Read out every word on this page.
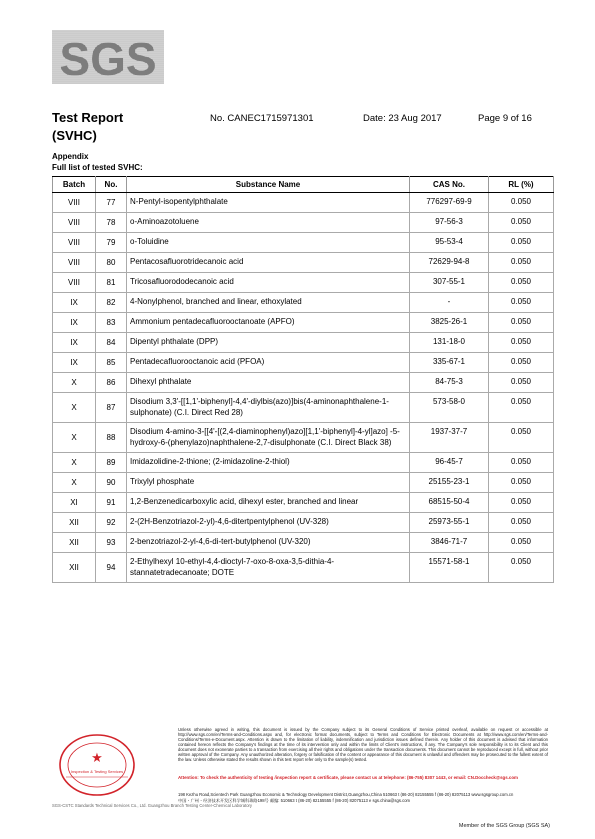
SGS
Test Report
(SVHC)
No. CANEC1715971301	Date: 23 Aug 2017	Page 9 of 16
Appendix
Full list of tested SVHC:
Batch	No.	Substance Name	CAS No.	RL (%)
VIII	77	N-Pentyl-isopentylphthalate	776297-69-9	0.050
VIII	78	o-Aminoazotoluene	97-56-3	0.050
VIII	79	o-Toluidine	95-53-4	0.050
VIII	80	Pentacosafluorotridecanoic acid	72629-94-8	0.050
VIII	81	Tricosafluorododecanoic acid	307-55-1	0.050
IX	82	4-Nonylphenol, branched and linear, ethoxylated	-	0.050
IX	83	Ammonium pentadecafluorooctanoate (APFO)	3825-26-1	0.050
IX	84	Dipentyl phthalate (DPP)	131-18-0	0.050
IX	85	Pentadecafluorooctanoic acid (PFOA)	335-67-1	0.050
X	86	Dihexyl phthalate	84-75-3	0.050
X	87	Disodium 3,3'-[[1,1'-biphenyl]-4,4'-diylbis(azo)]bis(4-aminonaphthalene-1-sulphonate) (C.I. Direct Red 28)	573-58-0	0.050
X	88	Disodium 4-amino-3-[[4'-[(2,4-diaminophenyl)azo][1,1'-biphenyl]-4-yl]azo] -5-hydroxy-6-(phenylazo)naphthalene-2,7-disulphonate (C.I. Direct Black 38)	1937-37-7	0.050
X	89	Imidazolidine-2-thione; (2-imidazoline-2-thiol)	96-45-7	0.050
X	90	Trixylyl phosphate	25155-23-1	0.050
XI	91	1,2-Benzenedicarboxylic acid, dihexyl ester, branched and linear	68515-50-4	0.050
XII	92	2-(2H-Benzotriazol-2-yl)-4,6-ditertpentylphenol (UV-328)	25973-55-1	0.050
XII	93	2-benzotriazol-2-yl-4,6-di-tert-butylphenol (UV-320)	3846-71-7	0.050
XII	94	2-Ethylhexyl 10-ethyl-4,4-dioctyl-7-oxo-8-oxa-3,5-dithia-4-stannatetradecanoate; DOTE	15571-58-1	0.050
★
Inspection & Testing Services
Unless otherwise agreed in writing, this document is issued by the Company subject to its General Conditions of Service printed overleaf, available on request or accessible at http://www.sgs.com/en/Terms-and-Conditions.aspx and, for electronic format documents, subject to Terms and Conditions for Electronic Documents at http://www.sgs.com/en/Terms-and-Conditions/Terms-e-Document.aspx. Attention is drawn to the limitation of liability, indemnification and jurisdiction issues defined therein. Any holder of this document is advised that information contained hereon reflects the Company's findings at the time of its intervention only and within the limits of Client's instructions, if any. The Company's sole responsibility is to its Client and this document does not exonerate parties to a transaction from exercising all their rights and obligations under the transaction documents. This document cannot be reproduced except in full, without prior written approval of the Company. Any unauthorized alteration, forgery or falsification of the content or appearance of this document is unlawful and offenders may be prosecuted to the fullest extent of the law. Unless otherwise stated the results shown in this test report refer only to the sample(s) tested.
Attention: To check the authenticity of testing /inspection report & certificate, please contact us at telephone: (86-755) 8307 1443, or email: CN.Doccheck@sgs.com
198 Kezhu Road,Scientech Park Guangzhou Economic & Technology Development District,Guangzhou,China 510663 t (86-20) 82155555 f (86-20) 82075113 www.sgsgroup.com.cn
中国・广州・经济技术开发区科学城科珠路198号 邮编: 510663 t (86-20) 82155555 f (86-20) 82075113 e sgs.china@sgs.com
SGS-CSTC Standards Technical Services Co., Ltd. Guangzhou Branch Testing Center-Chemical Laboratory
Member of the SGS Group (SGS SA)
